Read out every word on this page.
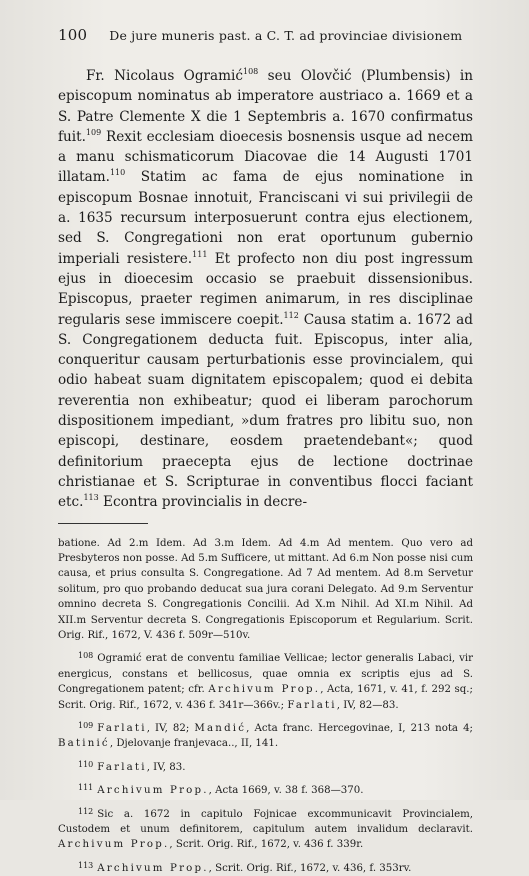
100 De jure muneris past. a C. T. ad provinciae divisionem

Fr. Nicolaus Ogramić$^{108}$ seu Olovčić (Plumbensis) in episcopum nominatus ab imperatore austriaco a. 1669 et a S. Patre Clemente X die 1 Septembris a. 1670 confirmatus fuit.$^{109}$ Rexit ecclesiam dioecesis bosnensis usque ad necem a manu schismaticorum Diacovae die 14 Augusti 1701 illatam.$^{110}$ Statim ac fama de ejus nominatione in episcopum Bosnae innotuit, Franciscani vi sui privilegii de a. 1635 recursum interposuerunt contra ejus electionem, sed S. Congregationi non erat oportunum gubernio imperiali resistere.$^{111}$ Et profecto non diu post ingressum ejus in dioecesim occasio se praebuit dissensionibus. Episcopus, praeter regimen animarum, in res disciplinae regularis sese immiscere coepit.$^{112}$ Causa statim a. 1672 ad S. Congregationem deducta fuit. Episcopus, inter alia, conqueritur causam perturbationis esse provincialem, qui odio habeat suam dignitatem episcopalem; quod ei debita reverentia non exhibeatur; quod ei liberam parochorum dispositionem impediant, »dum fratres pro libitu suo, non episcopi, destinare, eosdem praetendebant«; quod definitorium praecepta ejus de lectione doctrinae christianae et S. Scripturae in conventibus flocci faciant etc.$^{113}$ Econtra provincialis in decre-

batione. Ad 2.m Idem. Ad 3.m Idem. Ad 4.m Ad mentem. Quo vero ad Presbyteros non posse. Ad 5.m Sufficere, ut mittant. Ad 6.m Non posse nisi cum causa, et prius consulta S. Congregatione. Ad 7 Ad mentem. Ad 8.m Servetur solitum, pro quo probando deducat sua jura corani Delegato. Ad 9.m Serventur omnino decreta S. Congregationis Concilii. Ad X.m Nihil. Ad XI.m Nihil. Ad XII.m Serventur decreta S. Congregationis Episcoporum et Regularium. Scrit. Orig. Rif., 1672, V. 436 f. 509r—510v.

$^{108}$ Ogramić erat de conventu familiae Vellicae; lector generalis Labaci, vir energicus, constans et bellicosus, quae omnia ex scriptis ejus ad S. Congregationem patent; cfr. Archivum Prop., Acta, 1671, v. 41, f. 292 sq.; Scrit. Orig. Rif., 1672, v. 436 f. 341r—366v.; Farlati, IV, 82—83.

$^{109}$ Farlati, IV, 82; Mandić, Acta franc. Hercegovinae, I, 213 nota 4; Batinić, Djelovanje franjevaca.., II, 141.

$^{110}$ Farlati, IV, 83.

$^{111}$ Archivum Prop., Acta 1669, v. 38 f. 368—370.

$^{112}$ Sic a. 1672 in capitulo Fojnicae excommunicavit Provincialem, Custodem et unum definitorem, capitulum autem invalidum declaravit. Archivum Prop., Scrit. Orig. Rif., 1672, v. 436 f. 339r.

$^{113}$ Archivum Prop., Scrit. Orig. Rif., 1672, v. 436, f. 353rv.
